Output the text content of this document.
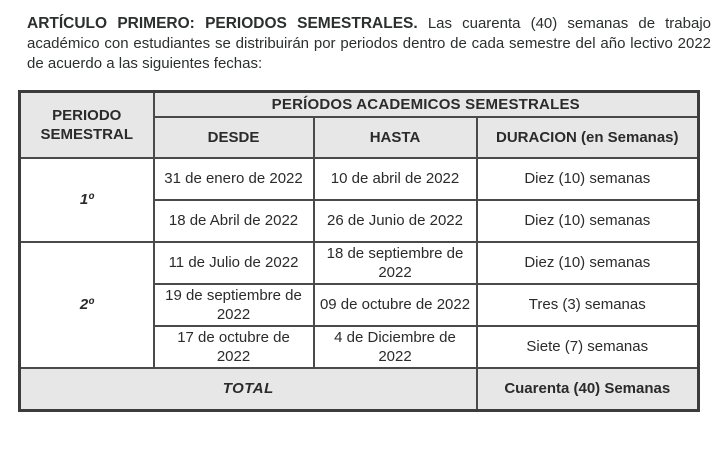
ARTÍCULO PRIMERO: PERIODOS SEMESTRALES. Las cuarenta (40) semanas de trabajo académico con estudiantes se distribuirán por periodos dentro de cada semestre del año lectivo 2022 de acuerdo a las siguientes fechas:

PERIODO SEMESTRAL	PERÍODOS ACADEMICOS SEMESTRALES		
	DESDE	HASTA	DURACION (en Semanas)
1º	31 de enero de 2022	10 de abril de 2022	Diez (10) semanas
	18 de Abril de 2022	26 de Junio de 2022	Diez (10) semanas
2º	11 de Julio de 2022	18 de septiembre de 2022	Diez (10) semanas
	19 de septiembre de 2022	09 de octubre de 2022	Tres (3) semanas
	17 de octubre de 2022	4 de Diciembre de 2022	Siete (7) semanas
TOTAL			Cuarenta (40) Semanas
